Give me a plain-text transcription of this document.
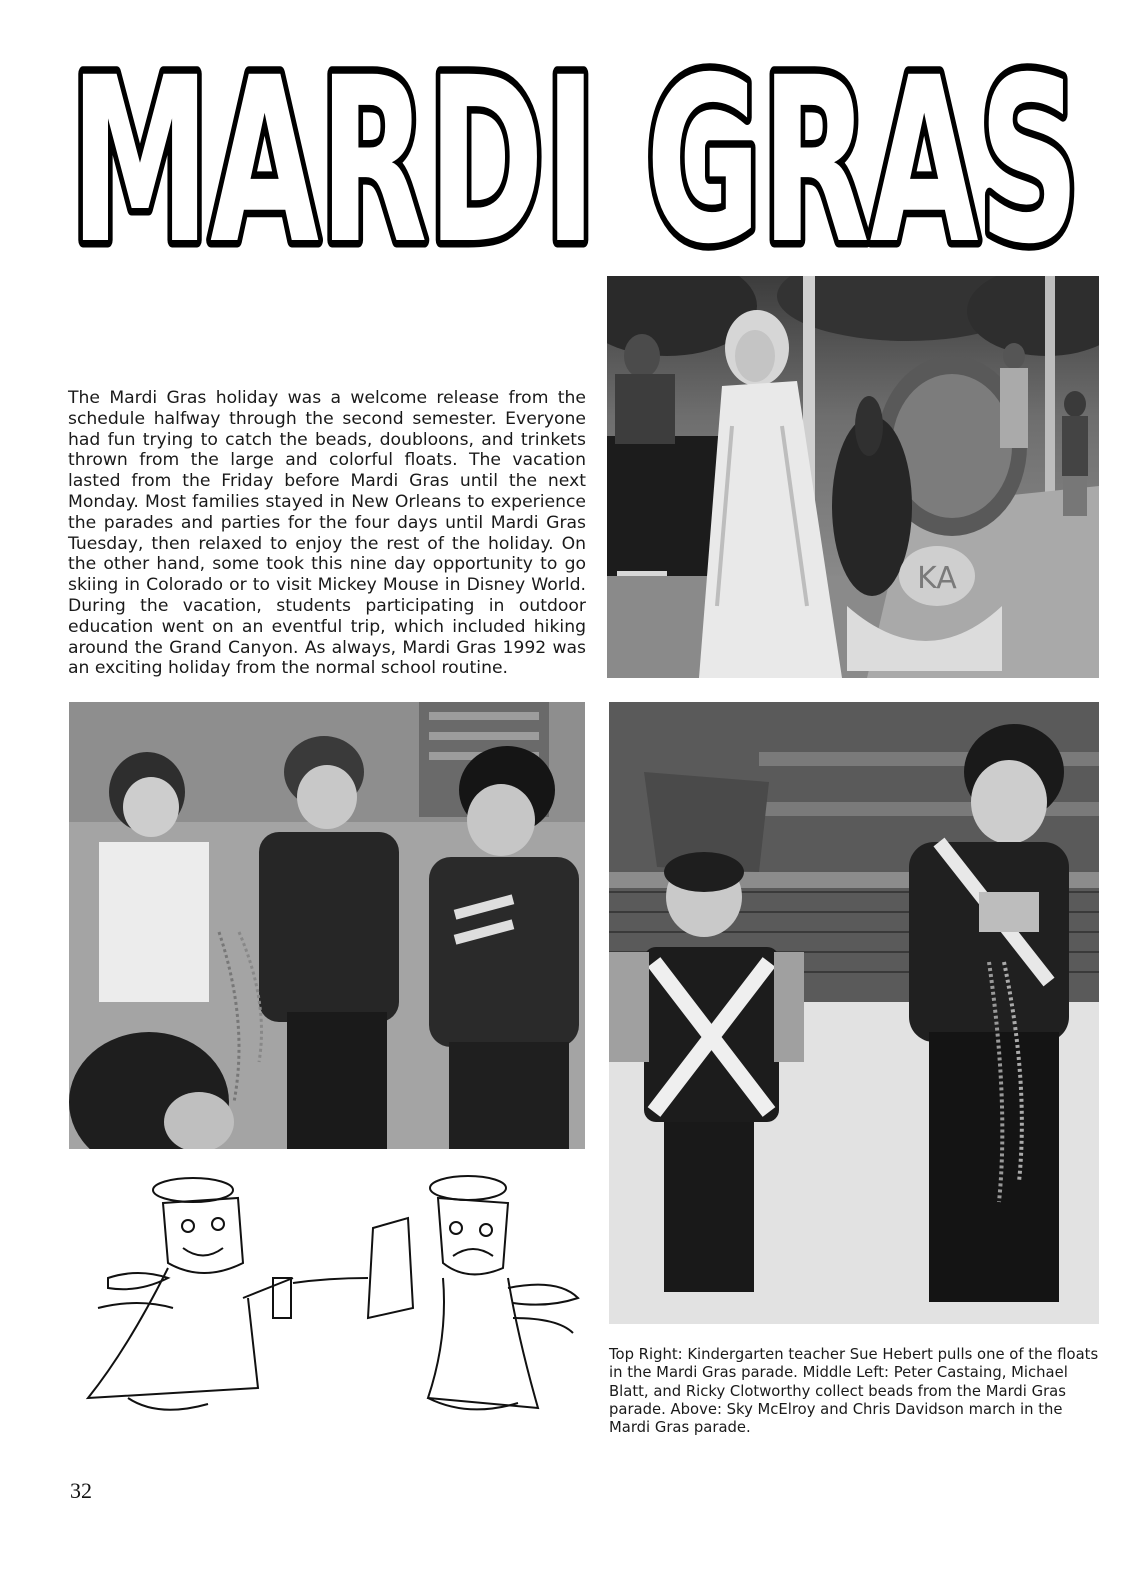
MARDI GRAS
The Mardi Gras holiday was a welcome release from the schedule halfway through the second semester. Everyone had fun trying to catch the beads, doubloons, and trinkets thrown from the large and colorful floats. The vacation lasted from the Friday before Mardi Gras until the next Monday. Most families stayed in New Orleans to experience the parades and parties for the four days until Mardi Gras Tuesday, then relaxed to enjoy the rest of the holiday. On the other hand, some took this nine day opportunity to go skiing in Colorado or to visit Mickey Mouse in Disney World. During the vacation, students participating in outdoor education went on an eventful trip, which included hiking around the Grand Canyon. As always, Mardi Gras 1992 was an exciting holiday from the normal school routine.
KA
Top Right: Kindergarten teacher Sue Hebert pulls one of the floats in the Mardi Gras parade. Middle Left: Peter Castaing, Michael Blatt, and Ricky Clotworthy collect beads from the Mardi Gras parade. Above: Sky McElroy and Chris Davidson march in the Mardi Gras parade.
32
